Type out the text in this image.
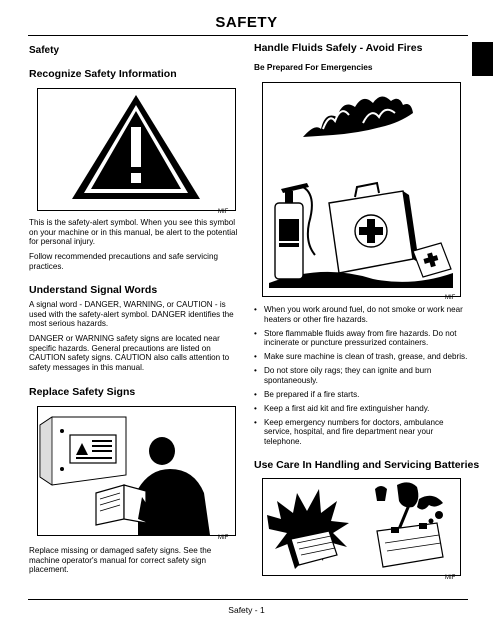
SAFETY
Safety
Recognize Safety Information
MIF
This is the safety-alert symbol. When you see this symbol on your machine or in this manual, be alert to the potential for personal injury.
Follow recommended precautions and safe servicing practices.
Understand Signal Words
A signal word - DANGER, WARNING, or CAUTION - is used with the safety-alert symbol. DANGER identifies the most serious hazards.
DANGER or WARNING safety signs are located near specific hazards. General precautions are listed on CAUTION safety signs. CAUTION also calls attention to safety messages in this manual.
Replace Safety Signs
MIF
Replace missing or damaged safety signs. See the machine operator's manual for correct safety sign placement.
Handle Fluids Safely - Avoid Fires
Be Prepared For Emergencies
MIF
• When you work around fuel, do not smoke or work near heaters or other fire hazards.
• Store flammable fluids away from fire hazards. Do not incinerate or puncture pressurized containers.
• Make sure machine is clean of trash, grease, and debris.
• Do not store oily rags; they can ignite and burn spontaneously.
• Be prepared if a fire starts.
• Keep a first aid kit and fire extinguisher handy.
• Keep emergency numbers for doctors, ambulance service, hospital, and fire department near your telephone.
Use Care In Handling and Servicing Batteries
MIF
Safety - 1
